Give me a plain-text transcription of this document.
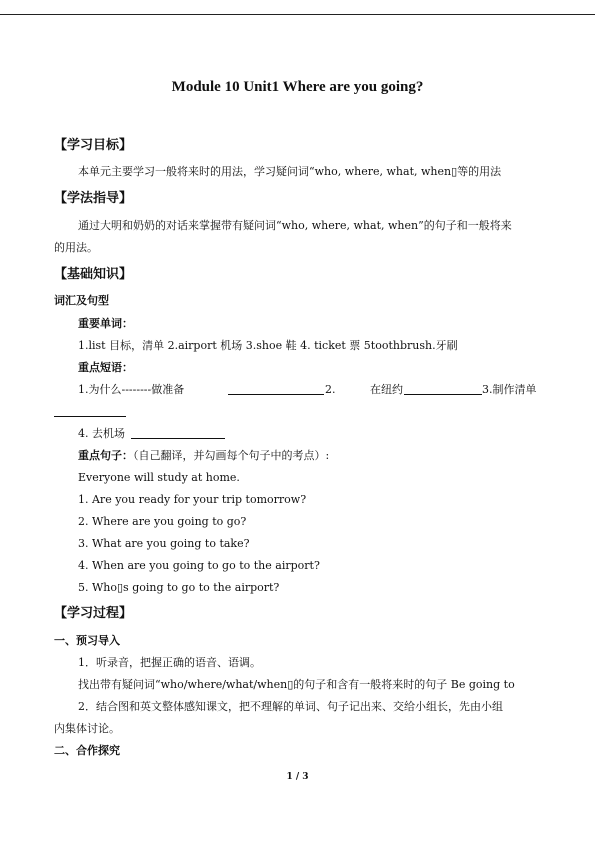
Module 10 Unit1 Where are you going?
【学习目标】
本单元主要学习一般将来时的用法，学习疑问词“who, where, what, when▯等的用法
【学法指导】
通过大明和奶奶的对话来掌握带有疑问词“who, where, what, when”的句子和一般将来
的用法。
【基础知识】
词汇及句型
重要单词：
1.list 目标，清单 2.airport 机场 3.shoe 鞋 4. ticket 票 5toothbrush.牙刷
重点短语：
1.为什么--------做准备	2.	在纽约	3.制作清单
4. 去机场
重点句子：（自己翻译，并勾画每个句子中的考点）:
Everyone will study at home.
1. Are you ready for your trip tomorrow?
2. Where are you going to go?
3. What are you going to take?
4. When are you going to go to the airport?
5. Who▯s going to go to the airport?
【学习过程】
一、预习导入
1．听录音，把握正确的语音、语调。
找出带有疑问词“who/where/what/when▯的句子和含有一般将来时的句子 Be going to
2．结合图和英文整体感知课文，把不理解的单词、句子记出来、交给小组长，先由小组
内集体讨论。
二、合作探究
1 / 3
